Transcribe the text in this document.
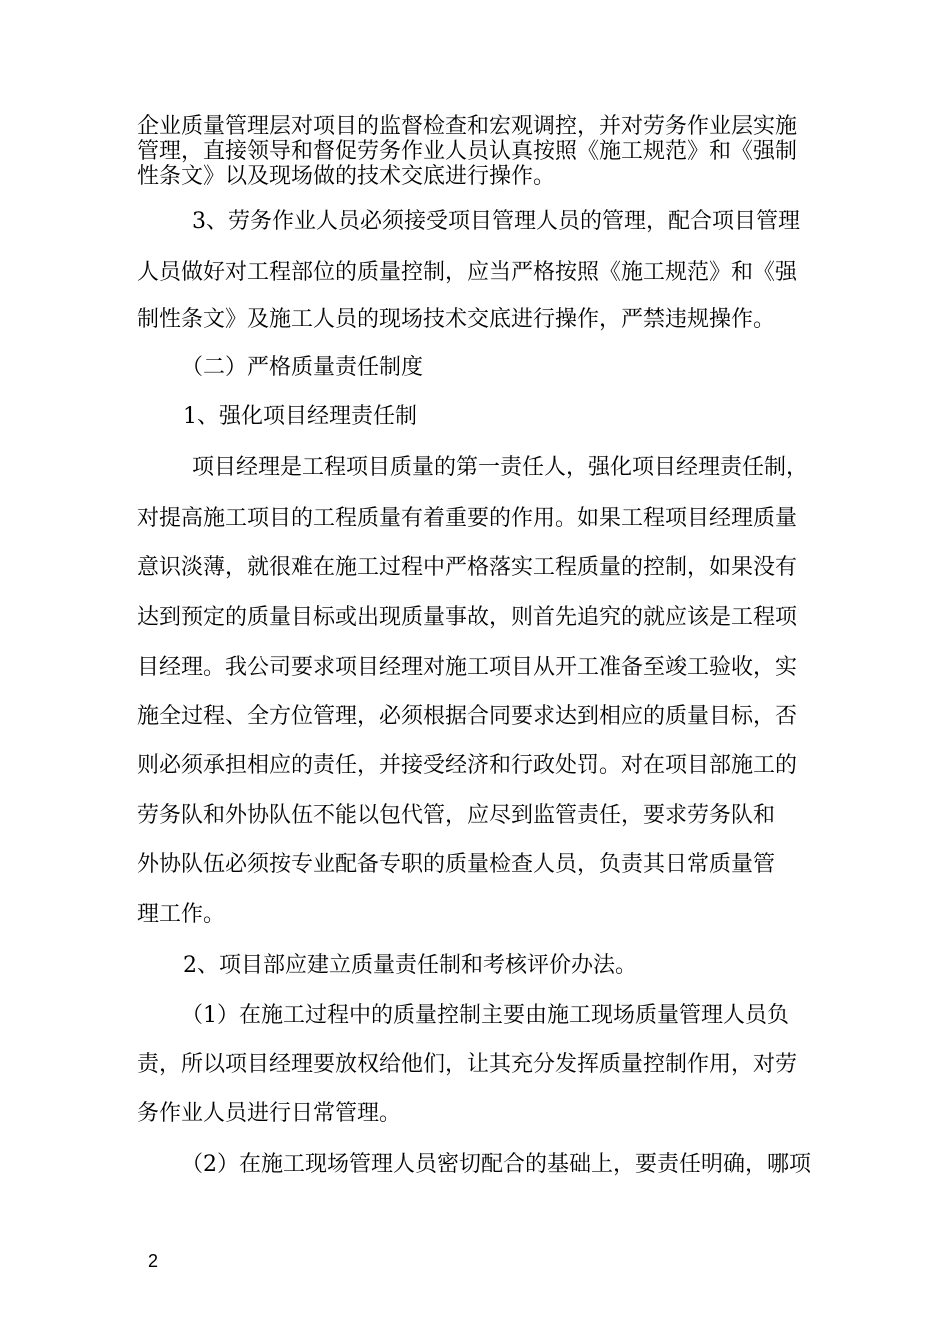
企业质量管理层对项目的监督检查和宏观调控，并对劳务作业层实施
管理，直接领导和督促劳务作业人员认真按照《施工规范》和《强制
性条文》以及现场做的技术交底进行操作。
3、劳务作业人员必须接受项目管理人员的管理，配合项目管理
人员做好对工程部位的质量控制，应当严格按照《施工规范》和《强
制性条文》及施工人员的现场技术交底进行操作，严禁违规操作。
（二）严格质量责任制度
1、强化项目经理责任制
项目经理是工程项目质量的第一责任人，强化项目经理责任制，
对提高施工项目的工程质量有着重要的作用。如果工程项目经理质量
意识淡薄，就很难在施工过程中严格落实工程质量的控制，如果没有
达到预定的质量目标或出现质量事故，则首先追究的就应该是工程项
目经理。我公司要求项目经理对施工项目从开工准备至竣工验收，实
施全过程、全方位管理，必须根据合同要求达到相应的质量目标，否
则必须承担相应的责任，并接受经济和行政处罚。对在项目部施工的
劳务队和外协队伍不能以包代管，应尽到监管责任，要求劳务队和
外协队伍必须按专业配备专职的质量检查人员，负责其日常质量管
理工作。
2、项目部应建立质量责任制和考核评价办法。
（1）在施工过程中的质量控制主要由施工现场质量管理人员负
责，所以项目经理要放权给他们，让其充分发挥质量控制作用，对劳
务作业人员进行日常管理。
（2）在施工现场管理人员密切配合的基础上，要责任明确，哪项
2
